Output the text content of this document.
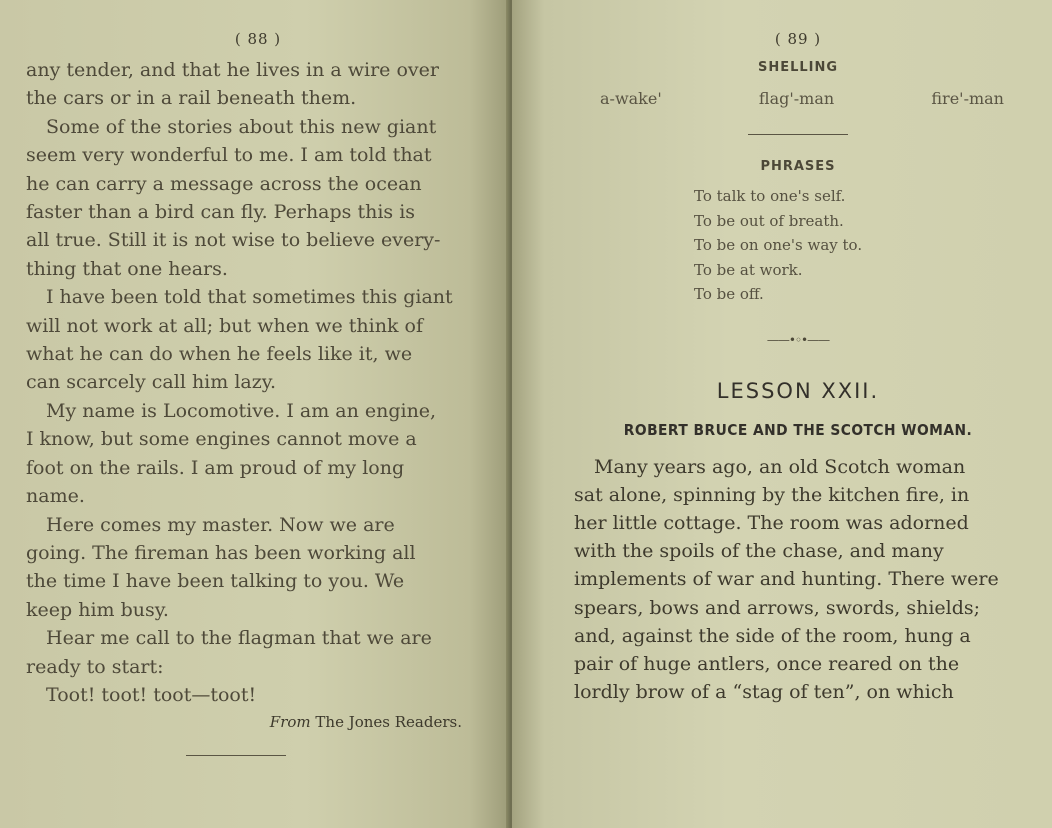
( 88 )
any tender, and that he lives in a wire over
the cars or in a rail beneath them.
Some of the stories about this new giant
seem very wonderful to me. I am told that
he can carry a message across the ocean
faster than a bird can fly. Perhaps this is
all true. Still it is not wise to believe every-
thing that one hears.
I have been told that sometimes this giant
will not work at all; but when we think of
what he can do when he feels like it, we
can scarcely call him lazy.
My name is Locomotive. I am an engine,
I know, but some engines cannot move a
foot on the rails. I am proud of my long
name.
Here comes my master. Now we are
going. The fireman has been working all
the time I have been talking to you. We
keep him busy.
Hear me call to the flagman that we are
ready to start:
Toot! toot! toot—toot!
From The Jones Readers.
( 89 )
SHELLING
a-wake'	flag'-man	fire'-man
PHRASES
To talk to one's self.
To be out of breath.
To be on one's way to.
To be at work.
To be off.
——•◦•——
LESSON XXII.
ROBERT BRUCE AND THE SCOTCH WOMAN.
Many years ago, an old Scotch woman
sat alone, spinning by the kitchen fire, in
her little cottage. The room was adorned
with the spoils of the chase, and many
implements of war and hunting. There were
spears, bows and arrows, swords, shields;
and, against the side of the room, hung a
pair of huge antlers, once reared on the
lordly brow of a “stag of ten”, on which
